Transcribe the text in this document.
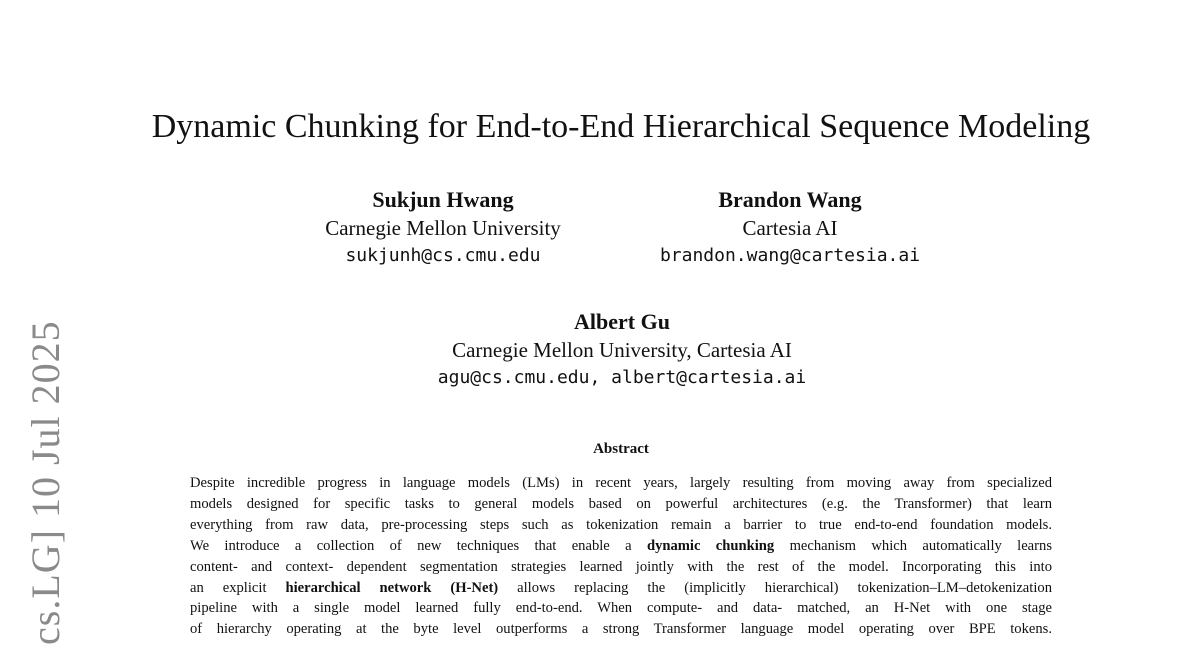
cs.LG] 10 Jul 2025
Dynamic Chunking for End-to-End Hierarchical Sequence Modeling
Sukjun Hwang
Carnegie Mellon University
sukjunh@cs.cmu.edu
Brandon Wang
Cartesia AI
brandon.wang@cartesia.ai
Albert Gu
Carnegie Mellon University, Cartesia AI
agu@cs.cmu.edu, albert@cartesia.ai
Abstract
Despite incredible progress in language models (LMs) in recent years, largely resulting from moving away from specialized
models designed for specific tasks to general models based on powerful architectures (e.g. the Transformer) that learn
everything from raw data, pre-processing steps such as tokenization remain a barrier to true end-to-end foundation models.
We introduce a collection of new techniques that enable a dynamic chunking mechanism which automatically learns
content- and context- dependent segmentation strategies learned jointly with the rest of the model. Incorporating this into
an explicit hierarchical network (H-Net) allows replacing the (implicitly hierarchical) tokenization–LM–detokenization
pipeline with a single model learned fully end-to-end. When compute- and data- matched, an H-Net with one stage
of hierarchy operating at the byte level outperforms a strong Transformer language model operating over BPE tokens.
